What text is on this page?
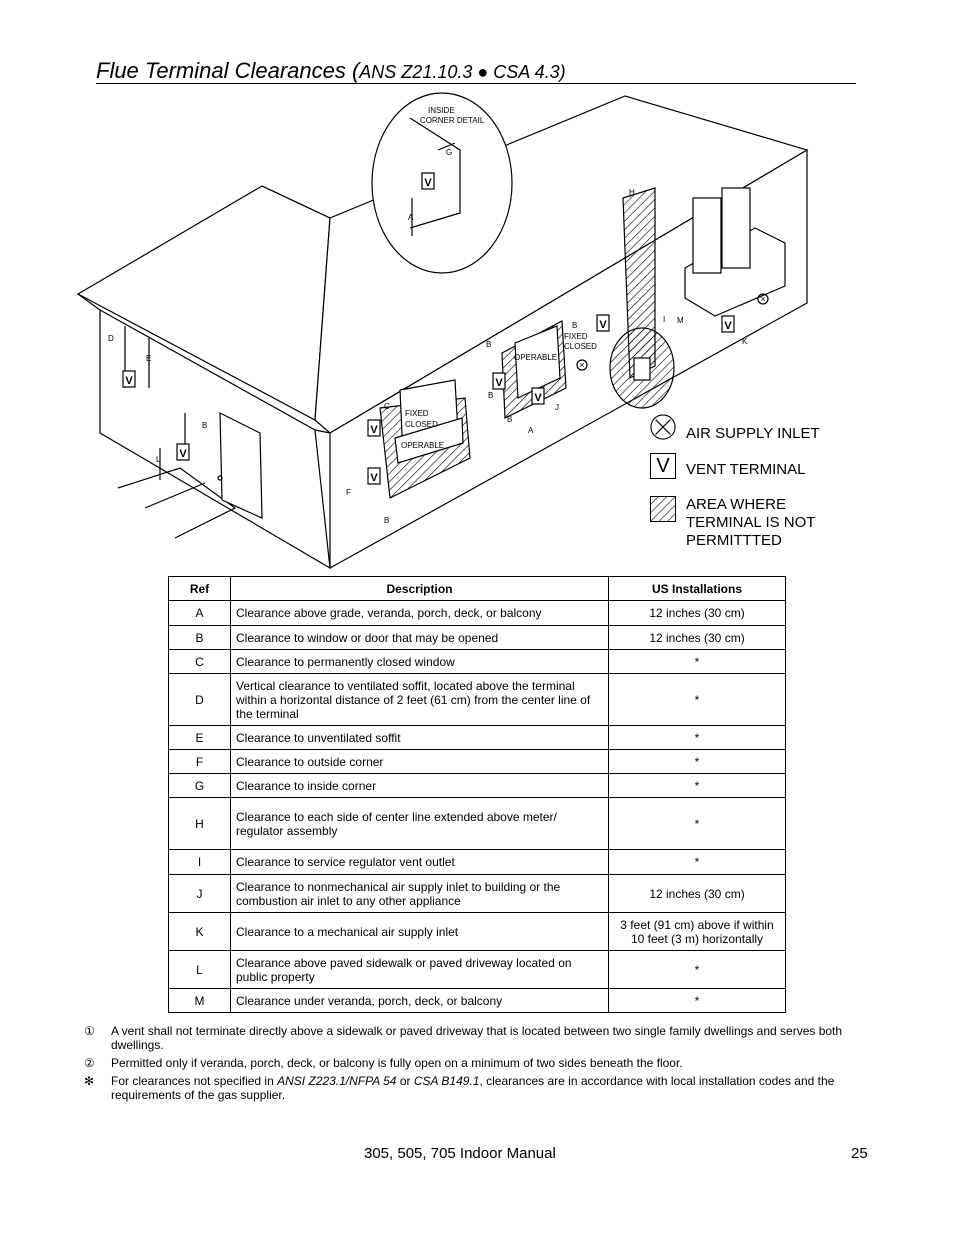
Flue Terminal Clearances (ANS Z21.10.3 ● CSA 4.3)
V
V
V
V
V
V
V	V
V
×
×
INSIDE
CORNER DETAIL
G
A
H
I M
K
D
E
B
L
C
FIXED
CLOSED
OPERABLE
F
B
B
FIXED
CLOSED
OPERABLE
B
B
B
J
A	AIR SUPPLY INLET
V	VENT TERMINAL
AREA WHERE TERMINAL IS NOT PERMITTTED
Ref	Description	US Installations
A	Clearance above grade, veranda, porch, deck, or balcony	12 inches (30 cm)
B	Clearance to window or door that may be opened	12 inches (30 cm)
C	Clearance to permanently closed window	*
D	Vertical clearance to ventilated soffit, located above the terminal within a horizontal distance of 2 feet (61 cm) from the center line of the terminal	*
E	Clearance to unventilated soffit	*
F	Clearance to outside corner	*
G	Clearance to inside corner	*
H	Clearance to each side of center line extended above meter/ regulator assembly	*
I	Clearance to service regulator vent outlet	*
J	Clearance to nonmechanical air supply inlet to building or the combustion air inlet to any other appliance	12 inches (30 cm)
K	Clearance to a mechanical air supply inlet	3 feet (91 cm) above if within 10 feet (3 m) horizontally
L	Clearance above paved sidewalk or paved driveway located on public property	*
M	Clearance under veranda, porch, deck, or balcony	*
①	A vent shall not terminate directly above a sidewalk or paved driveway that is located between two single family dwellings and serves both dwellings.
②	Permitted only if veranda, porch, deck, or balcony is fully open on a minimum of two sides beneath the floor.
✻	For clearances not specified in ANSI Z223.1/NFPA 54 or CSA B149.1, clearances are in accordance with local installation codes and the requirements of the gas supplier.
305, 505, 705 Indoor Manual	25
